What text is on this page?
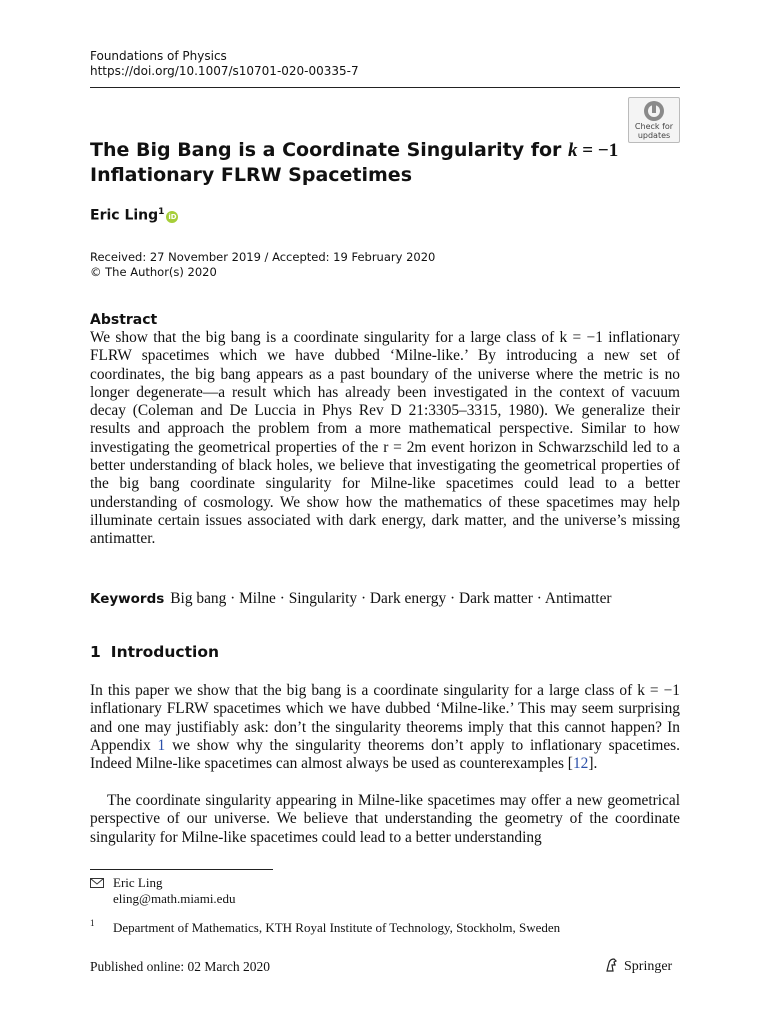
Foundations of Physics
https://doi.org/10.1007/s10701-020-00335-7
Check for
updates
The Big Bang is a Coordinate Singularity for k = −1
Inflationary FLRW Spacetimes
Eric Ling$^1$ iD
Received: 27 November 2019 / Accepted: 19 February 2020
© The Author(s) 2020
Abstract

We show that the big bang is a coordinate singularity for a large class of k = −1 inflationary FLRW spacetimes which we have dubbed ‘Milne-like.’ By introducing a new set of coordinates, the big bang appears as a past boundary of the universe where the metric is no longer degenerate—a result which has already been investigated in the context of vacuum decay (Coleman and De Luccia in Phys Rev D 21:3305–3315, 1980). We generalize their results and approach the problem from a more mathematical perspective. Similar to how investigating the geometrical properties of the r = 2m event horizon in Schwarzschild led to a better understanding of black holes, we believe that investigating the geometrical properties of the big bang coordinate singularity for Milne-like spacetimes could lead to a better understanding of cosmology. We show how the mathematics of these spacetimes may help illuminate certain issues associated with dark energy, dark matter, and the universe’s missing antimatter.

Keywords Big bang · Milne · Singularity · Dark energy · Dark matter · Antimatter
1 Introduction

In this paper we show that the big bang is a coordinate singularity for a large class of k = −1 inflationary FLRW spacetimes which we have dubbed ‘Milne-like.’ This may seem surprising and one may justifiably ask: don’t the singularity theorems imply that this cannot happen? In Appendix 1 we show why the singularity theorems don’t apply to inflationary spacetimes. Indeed Milne-like spacetimes can almost always be used as counterexamples [12].

The coordinate singularity appearing in Milne-like spacetimes may offer a new geometrical perspective of our universe. We believe that understanding the geometry of the coordinate singularity for Milne-like spacetimes could lead to a better understanding

Eric Ling
eling@math.miami.edu
1 Department of Mathematics, KTH Royal Institute of Technology, Stockholm, Sweden
Published online: 02 March 2020	Springer
